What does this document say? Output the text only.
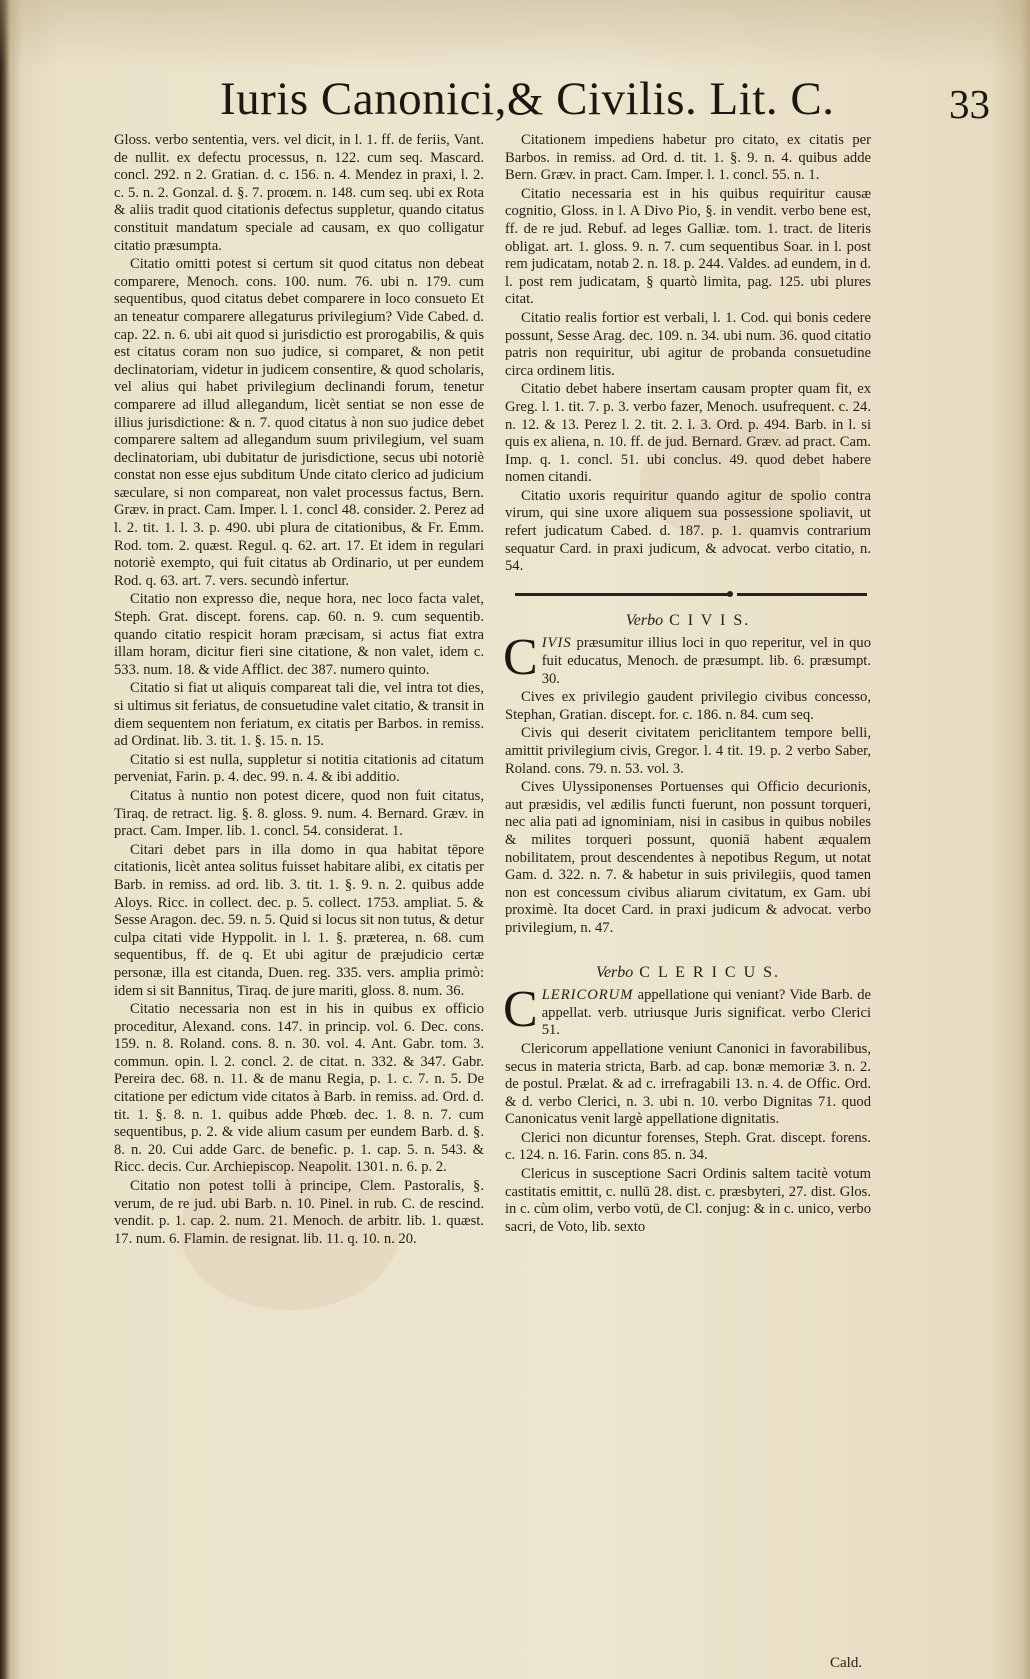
Iuris Canonici,& Civilis. Lit. C.	33

Gloss. verbo sententia, vers. vel dicit, in l. 1. ff. de feriis, Vant. de nullit. ex defectu processus, n. 122. cum seq. Mascard. concl. 292. n 2. Gratian. d. c. 156. n. 4. Mendez in praxi, l. 2. c. 5. n. 2. Gonzal. d. §. 7. proœm. n. 148. cum seq. ubi ex Rota & aliis tradit quod citationis defectus suppletur, quando citatus constituit mandatum speciale ad causam, ex quo colligatur citatio præsumpta.

Citatio omitti potest si certum sit quod citatus non debeat comparere, Menoch. cons. 100. num. 76. ubi n. 179. cum sequentibus, quod citatus debet comparere in loco consueto Et an teneatur comparere allegaturus privilegium? Vide Cabed. d. cap. 22. n. 6. ubi ait quod si jurisdictio est prorogabilis, & quis est citatus coram non suo judice, si comparet, & non petit declinatoriam, videtur in judicem consentire, & quod scholaris, vel alius qui habet privilegium declinandi forum, tenetur comparere ad illud allegandum, licèt sentiat se non esse de illius jurisdictione: & n. 7. quod citatus à non suo judice debet comparere saltem ad allegandum suum privilegium, vel suam declinatoriam, ubi dubitatur de jurisdictione, secus ubi notoriè constat non esse ejus subditum Unde citato clerico ad judicium sæculare, si non compareat, non valet processus factus, Bern. Græv. in pract. Cam. Imper. l. 1. concl 48. consider. 2. Perez ad l. 2. tit. 1. l. 3. p. 490. ubi plura de citationibus, & Fr. Emm. Rod. tom. 2. quæst. Regul. q. 62. art. 17. Et idem in regulari notoriè exempto, qui fuit citatus ab Ordinario, ut per eundem Rod. q. 63. art. 7. vers. secundò infertur.

Citatio non expresso die, neque hora, nec loco facta valet, Steph. Grat. discept. forens. cap. 60. n. 9. cum sequentib. quando citatio respicit horam præcisam, si actus fiat extra illam horam, dicitur fieri sine citatione, & non valet, idem c. 533. num. 18. & vide Afflict. dec 387. numero quinto.

Citatio si fiat ut aliquis compareat tali die, vel intra tot dies, si ultimus sit feriatus, de consuetudine valet citatio, & transit in diem sequentem non feriatum, ex citatis per Barbos. in remiss. ad Ordinat. lib. 3. tit. 1. §. 15. n. 15.

Citatio si est nulla, suppletur si notitia citationis ad citatum perveniat, Farin. p. 4. dec. 99. n. 4. & ibi additio.

Citatus à nuntio non potest dicere, quod non fuit citatus, Tiraq. de retract. lig. §. 8. gloss. 9. num. 4. Bernard. Græv. in pract. Cam. Imper. lib. 1. concl. 54. considerat. 1.

Citari debet pars in illa domo in qua habitat tēpore citationis, licèt antea solitus fuisset habitare alibi, ex citatis per Barb. in remiss. ad ord. lib. 3. tit. 1. §. 9. n. 2. quibus adde Aloys. Ricc. in collect. dec. p. 5. collect. 1753. ampliat. 5. & Sesse Aragon. dec. 59. n. 5. Quid si locus sit non tutus, & detur culpa citati vide Hyppolit. in l. 1. §. præterea, n. 68. cum sequentibus, ff. de q. Et ubi agitur de præjudicio certæ personæ, illa est citanda, Duen. reg. 335. vers. amplia primò: idem si sit Bannitus, Tiraq. de jure mariti, gloss. 8. num. 36.

Citatio necessaria non est in his in quibus ex officio proceditur, Alexand. cons. 147. in princip. vol. 6. Dec. cons. 159. n. 8. Roland. cons. 8. n. 30. vol. 4. Ant. Gabr. tom. 3. commun. opin. l. 2. concl. 2. de citat. n. 332. & 347. Gabr. Pereira dec. 68. n. 11. & de manu Regia, p. 1. c. 7. n. 5. De citatione per edictum vide citatos à Barb. in remiss. ad. Ord. d. tit. 1. §. 8. n. 1. quibus adde Phœb. dec. 1. 8. n. 7. cum sequentibus, p. 2. & vide alium casum per eundem Barb. d. §. 8. n. 20. Cui adde Garc. de benefic. p. 1. cap. 5. n. 543. & Ricc. decis. Cur. Archiepiscop. Neapolit. 1301. n. 6. p. 2.

Citatio non potest tolli à principe, Clem. Pastoralis, §. verum, de re jud. ubi Barb. n. 10. Pinel. in rub. C. de rescind. vendit. p. 1. cap. 2. num. 21. Menoch. de arbitr. lib. 1. quæst. 17. num. 6. Flamin. de resignat. lib. 11. q. 10. n. 20.

Citationem impediens habetur pro citato, ex citatis per Barbos. in remiss. ad Ord. d. tit. 1. §. 9. n. 4. quibus adde Bern. Græv. in pract. Cam. Imper. l. 1. concl. 55. n. 1.

Citatio necessaria est in his quibus requiritur causæ cognitio, Gloss. in l. A Divo Pio, §. in vendit. verbo bene est, ff. de re jud. Rebuf. ad leges Galliæ. tom. 1. tract. de literis obligat. art. 1. gloss. 9. n. 7. cum sequentibus Soar. in l. post rem judicatam, notab 2. n. 18. p. 244. Valdes. ad eundem, in d. l. post rem judicatam, § quartò limita, pag. 125. ubi plures citat.

Citatio realis fortior est verbali, l. 1. Cod. qui bonis cedere possunt, Sesse Arag. dec. 109. n. 34. ubi num. 36. quod citatio patris non requiritur, ubi agitur de probanda consuetudine circa ordinem litis.

Citatio debet habere insertam causam propter quam fit, ex Greg. l. 1. tit. 7. p. 3. verbo fazer, Menoch. usufrequent. c. 24. n. 12. & 13. Perez l. 2. tit. 2. l. 3. Ord. p. 494. Barb. in l. si quis ex aliena, n. 10. ff. de jud. Bernard. Græv. ad pract. Cam. Imp. q. 1. concl. 51. ubi conclus. 49. quod debet habere nomen citandi.

Citatio uxoris requiritur quando agitur de spolio contra virum, qui sine uxore aliquem sua possessione spoliavit, ut refert judicatum Cabed. d. 187. p. 1. quamvis contrarium sequatur Card. in praxi judicum, & advocat. verbo citatio, n. 54.

Verbo C I V I S.

CIVIS præsumitur illius loci in quo reperitur, vel in quo fuit educatus, Menoch. de præsumpt. lib. 6. præsumpt. 30.

Cives ex privilegio gaudent privilegio civibus concesso, Stephan, Gratian. discept. for. c. 186. n. 84. cum seq.

Civis qui deserit civitatem periclitantem tempore belli, amittit privilegium civis, Gregor. l. 4 tit. 19. p. 2 verbo Saber, Roland. cons. 79. n. 53. vol. 3.

Cives Ulyssiponenses Portuenses qui Officio decurionis, aut præsidis, vel ædilis functi fuerunt, non possunt torqueri, nec alia pati ad ignominiam, nisi in casibus in quibus nobiles & milites torqueri possunt, quoniā habent æqualem nobilitatem, prout descendentes à nepotibus Regum, ut notat Gam. d. 322. n. 7. & habetur in suis privilegiis, quod tamen non est concessum civibus aliarum civitatum, ex Gam. ubi proximè. Ita docet Card. in praxi judicum & advocat. verbo privilegium, n. 47.

Verbo C L E R I C U S.

CLERICORUM appellatione qui veniant? Vide Barb. de appellat. verb. utriusque Juris significat. verbo Clerici 51.

Clericorum appellatione veniunt Canonici in favorabilibus, secus in materia stricta, Barb. ad cap. bonæ memoriæ 3. n. 2. de postul. Prælat. & ad c. irrefragabili 13. n. 4. de Offic. Ord. & d. verbo Clerici, n. 3. ubi n. 10. verbo Dignitas 71. quod Canonicatus venit largè appellatione dignitatis.

Clerici non dicuntur forenses, Steph. Grat. discept. forens. c. 124. n. 16. Farin. cons 85. n. 34.

Clericus in susceptione Sacri Ordinis saltem tacitè votum castitatis emittit, c. nullū 28. dist. c. præsbyteri, 27. dist. Glos. in c. cùm olim, verbo votū, de Cl. conjug: & in c. unico, verbo sacri, de Voto, lib. sexto

Cald.
